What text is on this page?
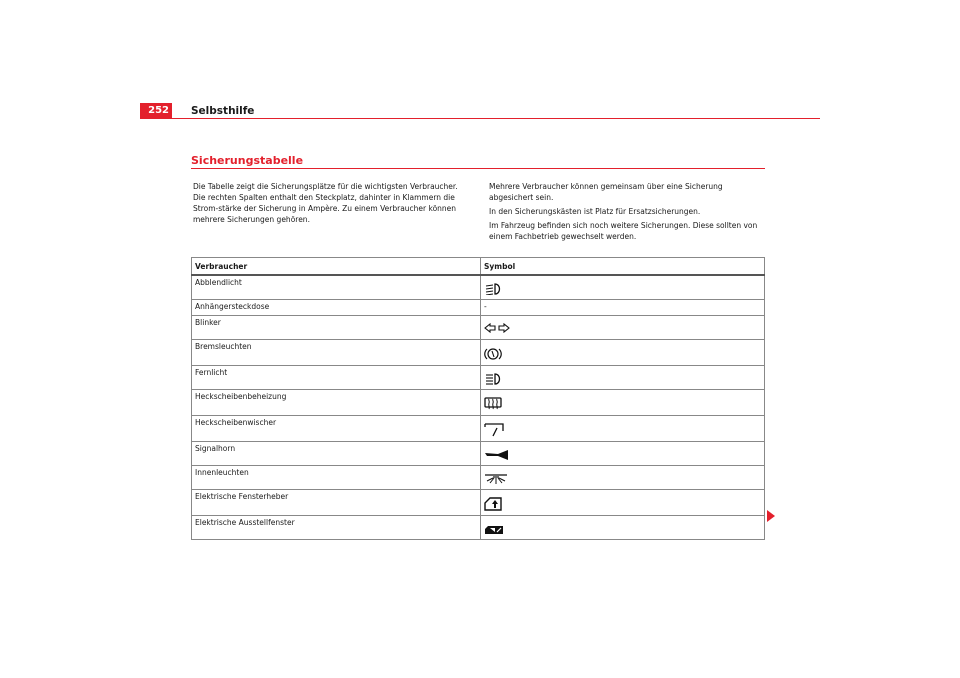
252 Selbsthilfe
Sicherungstabelle

Die Tabelle zeigt die Sicherungsplätze für die wichtigsten Verbraucher. Die rechten Spalten enthalt den Steckplatz, dahinter in Klammern die Strom-stärke der Sicherung in Ampère. Zu einem Verbraucher können mehrere Sicherungen gehören.

Mehrere Verbraucher können gemeinsam über eine Sicherung abgesichert sein.

In den Sicherungskästen ist Platz für Ersatzsicherungen.

Im Fahrzeug befinden sich noch weitere Sicherungen. Diese sollten von einem Fachbetrieb gewechselt werden.

Verbraucher	Symbol
Abblendlicht	

Anhängersteckdose	-
Blinker	

Bremsleuchten	

Fernlicht	

Heckscheibenbeheizung	

Heckscheibenwischer	

Signalhorn	

Innenleuchten	

Elektrische Fensterheber	

Elektrische Ausstellfenster	
